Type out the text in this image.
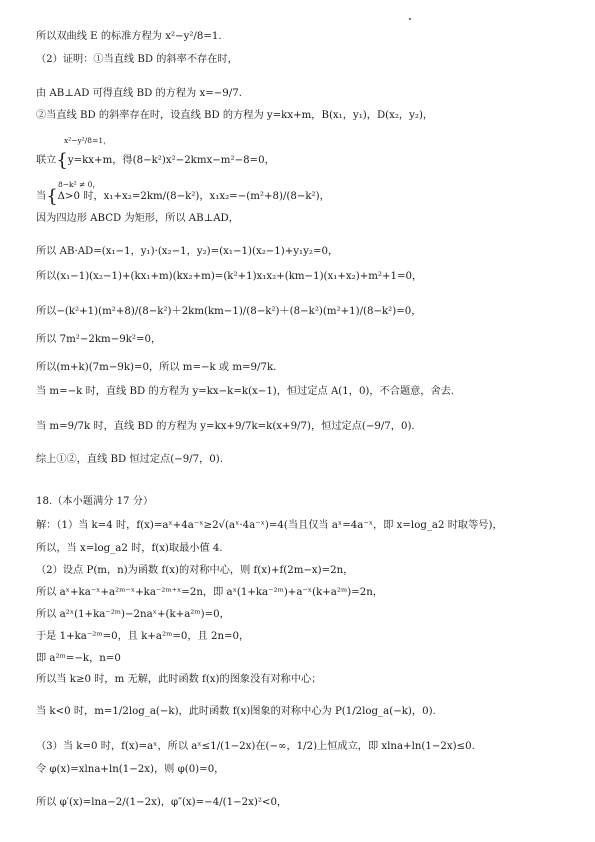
所以双曲线 E 的标准方程为 x²−y²/8=1.
（2）证明：①当直线 BD 的斜率不存在时，
由 AB⊥AD 可得直线 BD 的方程为 x=−9/7.
②当直线 BD 的斜率存在时，设直线 BD 的方程为 y=kx+m，B(x₁，y₁)，D(x₂，y₂)，
x²−y²/8=1，
联立{y=kx+m，得(8−k²)x²−2kmx−m²−8=0，
8−k² ≠ 0，
当{Δ>0 时，x₁+x₂=2km/(8−k²)，x₁x₂=−(m²+8)/(8−k²)，
因为四边形 ABCD 为矩形，所以 AB⊥AD，
所以 AB·AD=(x₁−1，y₁)·(x₂−1，y₂)=(x₁−1)(x₂−1)+y₁y₂=0，
所以(x₁−1)(x₂−1)+(kx₁+m)(kx₂+m)=(k²+1)x₁x₂+(km−1)(x₁+x₂)+m²+1=0，
所以−(k²+1)(m²+8)/(8−k²)＋2km(km−1)/(8−k²)＋(8−k²)(m²+1)/(8−k²)=0，
所以 7m²−2km−9k²=0，
所以(m+k)(7m−9k)=0，所以 m=−k 或 m=9/7k.
当 m=−k 时，直线 BD 的方程为 y=kx−k=k(x−1)，恒过定点 A(1，0)，不合题意，舍去.
当 m=9/7k 时，直线 BD 的方程为 y=kx+9/7k=k(x+9/7)，恒过定点(−9/7，0).
综上①②，直线 BD 恒过定点(−9/7，0).
18.（本小题满分 17 分）
解：（1）当 k=4 时，f(x)=aˣ+4a⁻ˣ≥2√(aˣ·4a⁻ˣ)=4(当且仅当 aˣ=4a⁻ˣ，即 x=log_a2 时取等号)，
所以，当 x=log_a2 时，f(x)取最小值 4.
（2）设点 P(m，n)为函数 f(x)的对称中心，则 f(x)+f(2m−x)=2n，
所以 aˣ+ka⁻ˣ+a²ᵐ⁻ˣ+ka⁻²ᵐ⁺ˣ=2n，即 aˣ(1+ka⁻²ᵐ)+a⁻ˣ(k+a²ᵐ)=2n，
所以 a²ˣ(1+ka⁻²ᵐ)−2naˣ+(k+a²ᵐ)=0，
于是 1+ka⁻²ᵐ=0，且 k+a²ᵐ=0，且 2n=0，
即 a²ᵐ=−k，n=0
所以当 k≥0 时，m 无解，此时函数 f(x)的图象没有对称中心；
当 k<0 时，m=1/2log_a(−k)，此时函数 f(x)图象的对称中心为 P(1/2log_a(−k)，0).
（3）当 k=0 时，f(x)=aˣ，所以 aˣ≤1/(1−2x)在(−∞，1/2)上恒成立，即 xlna+ln(1−2x)≤0.
令 φ(x)=xlna+ln(1−2x)，则 φ(0)=0，
所以 φ′(x)=lna−2/(1−2x)，φ″(x)=−4/(1−2x)²<0，
